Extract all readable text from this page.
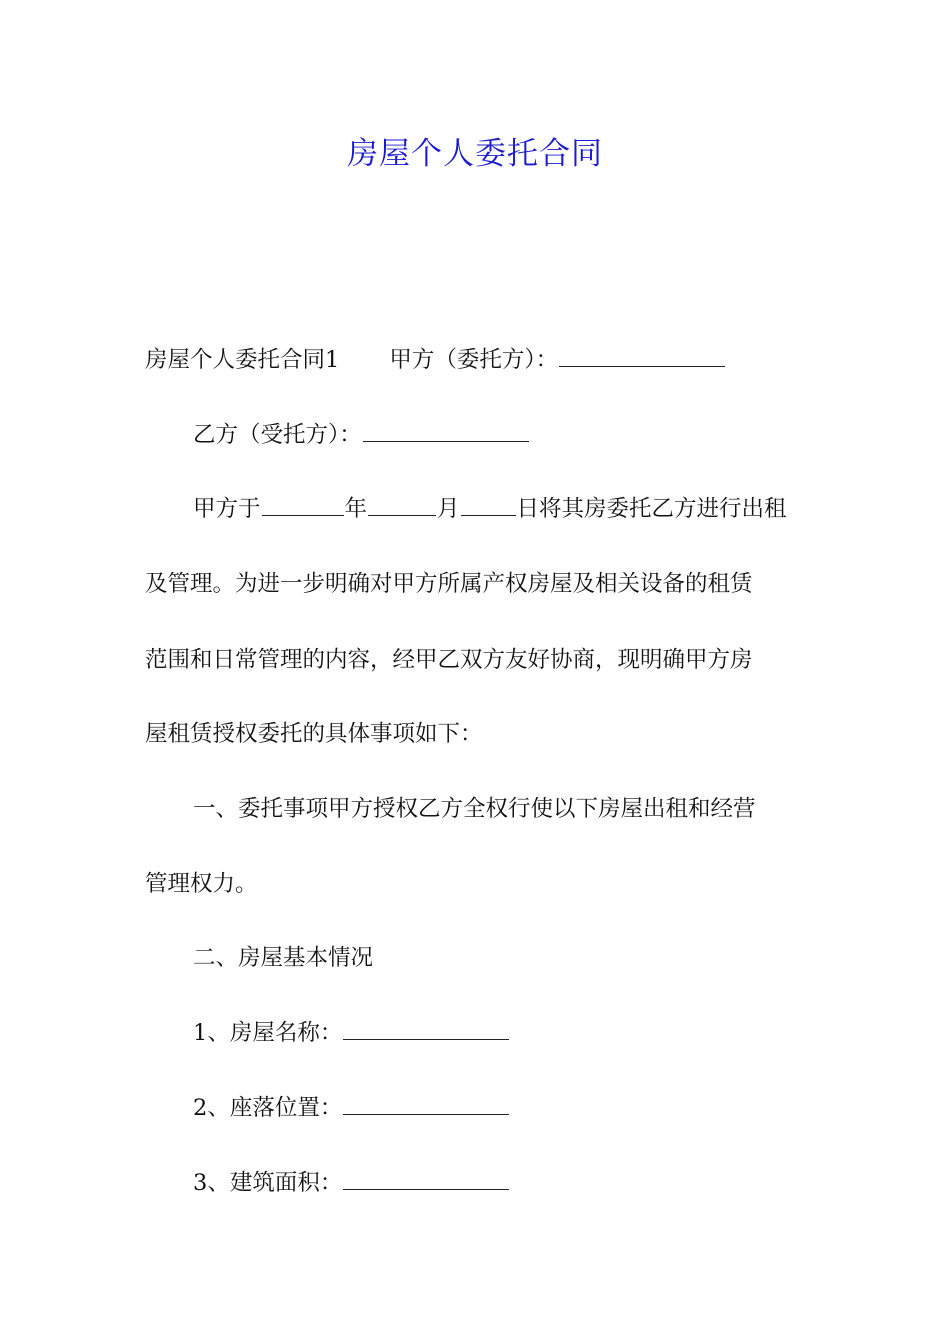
房屋个人委托合同
房屋个人委托合同1 甲方（委托方）：
乙方（受托方）：
甲方于	年	月	日将其房委托乙方进行出租
及管理。为进一步明确对甲方所属产权房屋及相关设备的租赁
范围和日常管理的内容，经甲乙双方友好协商，现明确甲方房
屋租赁授权委托的具体事项如下：
一、委托事项甲方授权乙方全权行使以下房屋出租和经营
管理权力。
二、房屋基本情况
1、房屋名称：
2、座落位置：
3、建筑面积：
